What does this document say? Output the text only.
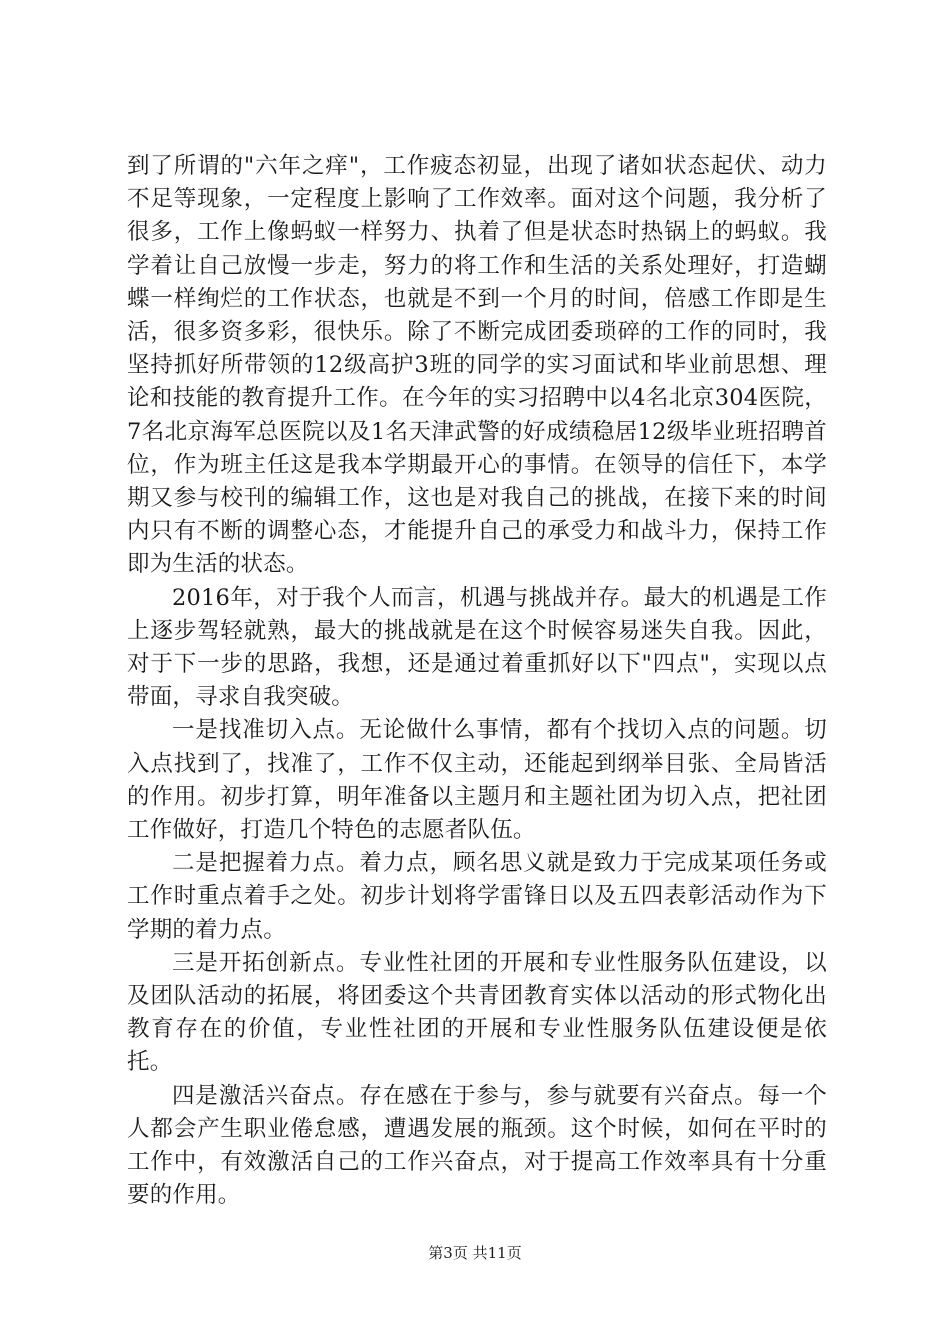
到了所谓的"六年之痒"，工作疲态初显，出现了诸如状态起伏、动力不足等现象，一定程度上影响了工作效率。面对这个问题，我分析了很多，工作上像蚂蚁一样努力、执着了但是状态时热锅上的蚂蚁。我学着让自己放慢一步走，努力的将工作和生活的关系处理好，打造蝴蝶一样绚烂的工作状态，也就是不到一个月的时间，倍感工作即是生活，很多资多彩，很快乐。除了不断完成团委琐碎的工作的同时，我坚持抓好所带领的12级高护3班的同学的实习面试和毕业前思想、理论和技能的教育提升工作。在今年的实习招聘中以4名北京304医院，7名北京海军总医院以及1名天津武警的好成绩稳居12级毕业班招聘首位，作为班主任这是我本学期最开心的事情。在领导的信任下，本学期又参与校刊的编辑工作，这也是对我自己的挑战，在接下来的时间内只有不断的调整心态，才能提升自己的承受力和战斗力，保持工作即为生活的状态。

2016年，对于我个人而言，机遇与挑战并存。最大的机遇是工作上逐步驾轻就熟，最大的挑战就是在这个时候容易迷失自我。因此，对于下一步的思路，我想，还是通过着重抓好以下"四点"，实现以点带面，寻求自我突破。

一是找准切入点。无论做什么事情，都有个找切入点的问题。切入点找到了，找准了，工作不仅主动，还能起到纲举目张、全局皆活的作用。初步打算，明年准备以主题月和主题社团为切入点，把社团工作做好，打造几个特色的志愿者队伍。

二是把握着力点。着力点，顾名思义就是致力于完成某项任务或工作时重点着手之处。初步计划将学雷锋日以及五四表彰活动作为下学期的着力点。

三是开拓创新点。专业性社团的开展和专业性服务队伍建设，以及团队活动的拓展，将团委这个共青团教育实体以活动的形式物化出教育存在的价值，专业性社团的开展和专业性服务队伍建设便是依托。

四是激活兴奋点。存在感在于参与，参与就要有兴奋点。每一个人都会产生职业倦怠感，遭遇发展的瓶颈。这个时候，如何在平时的工作中，有效激活自己的工作兴奋点，对于提高工作效率具有十分重要的作用。

第3页 共11页
